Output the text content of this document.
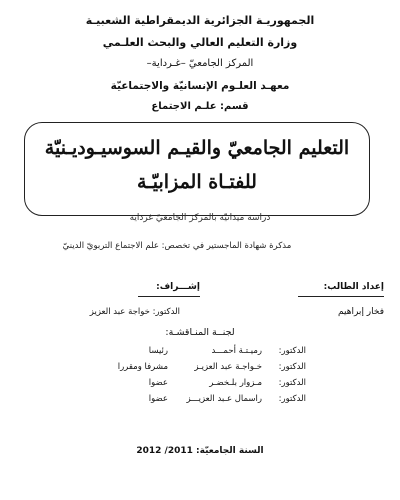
الجمهوريـة الجزائرية الديمقراطية الشعبيـة
وزارة التعليم العالي والبحث العلـمي
المركز الجامعيّ –غـرداية–
معهـد العلـوم الإنسانيّة والاجتماعيّة
قسم: علـم الاجتماع
التعليم الجامعيّ والقيـم السوسيـوديـنيّة
للفتـاة المزابيّـة
دراسة ميدانيّة بالمركز الجامعيّ غرداية
مذكرة شهادة الماجستير في تخصص: علم الاجتماع التربويّ الدينيّ
إعداد الطالب:
إشـــراف:
فخار إبراهيم
الدكتور: خواجة عبد العزيز
لجنــة المنـاقشـة:
الدكتور:
رميـتـة أحمـــد
رئيسا
الدكتور:
خـواجـة عبد العزيـز
مشرفا ومقررا
الدكتور:
مـزوار بلـخضـر
عضوا
الدكتور:
راسمال عـبد العزيـــز
عضوا
السنة الجامعيّة: 2011/ 2012
